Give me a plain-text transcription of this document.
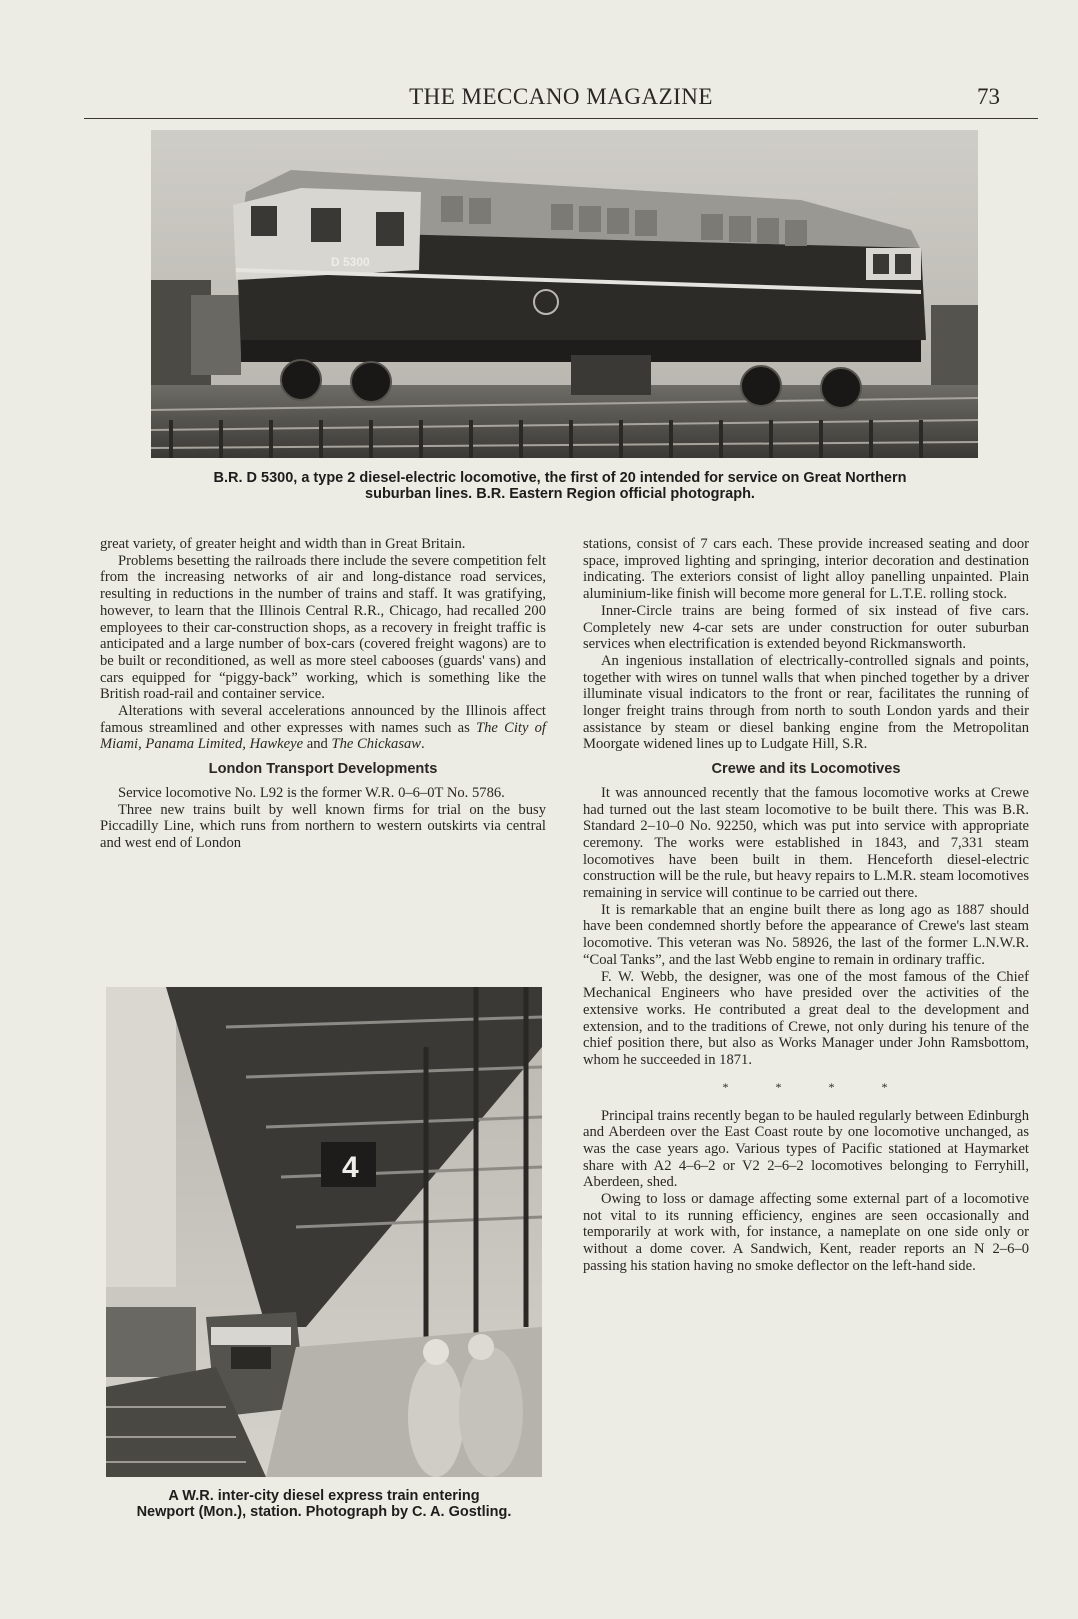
THE MECCANO MAGAZINE	73
D 5300
B.R. D 5300, a type 2 diesel-electric locomotive, the first of 20 intended for service on Great Northern
suburban lines. B.R. Eastern Region official photograph.

great variety, of greater height and width than in Great Britain.

Problems besetting the railroads there include the severe competition felt from the increasing networks of air and long-distance road services, resulting in reductions in the number of trains and staff. It was gratifying, however, to learn that the Illinois Central R.R., Chicago, had recalled 200 employees to their car-construction shops, as a recovery in freight traffic is anticipated and a large number of box-cars (covered freight wagons) are to be built or reconditioned, as well as more steel cabooses (guards' vans) and cars equipped for “piggy-back” working, which is something like the British road-rail and container service.

Alterations with several accelerations announced by the Illinois affect famous streamlined and other expresses with names such as The City of Miami, Panama Limited, Hawkeye and The Chickasaw.

London Transport Developments

Service locomotive No. L92 is the former W.R. 0–6–0T No. 5786.

Three new trains built by well known firms for trial on the busy Piccadilly Line, which runs from northern to western outskirts via central and west end of London

4
A W.R. inter-city diesel express train entering
Newport (Mon.), station. Photograph by C. A. Gostling.

stations, consist of 7 cars each. These provide increased seating and door space, improved lighting and springing, interior decoration and destination indicating. The exteriors consist of light alloy panelling unpainted. Plain aluminium-like finish will become more general for L.T.E. rolling stock.

Inner-Circle trains are being formed of six instead of five cars. Completely new 4-car sets are under construction for outer suburban services when electrification is extended beyond Rickmansworth.

An ingenious installation of electrically-controlled signals and points, together with wires on tunnel walls that when pinched together by a driver illuminate visual indicators to the front or rear, facilitates the running of longer freight trains through from north to south London yards and their assistance by steam or diesel banking engine from the Metropolitan Moorgate widened lines up to Ludgate Hill, S.R.

Crewe and its Locomotives

It was announced recently that the famous locomotive works at Crewe had turned out the last steam locomotive to be built there. This was B.R. Standard 2–10–0 No. 92250, which was put into service with appropriate ceremony. The works were established in 1843, and 7,331 steam locomotives have been built in them. Henceforth diesel-electric construction will be the rule, but heavy repairs to L.M.R. steam locomotives remaining in service will continue to be carried out there.

It is remarkable that an engine built there as long ago as 1887 should have been condemned shortly before the appearance of Crewe's last steam locomotive. This veteran was No. 58926, the last of the former L.N.W.R. “Coal Tanks”, and the last Webb engine to remain in ordinary traffic.

F. W. Webb, the designer, was one of the most famous of the Chief Mechanical Engineers who have presided over the activities of the extensive works. He contributed a great deal to the development and extension, and to the traditions of Crewe, not only during his tenure of the chief position there, but also as Works Manager under John Ramsbottom, whom he succeeded in 1871.

* * * *

Principal trains recently began to be hauled regularly between Edinburgh and Aberdeen over the East Coast route by one locomotive unchanged, as was the case years ago. Various types of Pacific stationed at Haymarket share with A2 4–6–2 or V2 2–6–2 locomotives belonging to Ferryhill, Aberdeen, shed.

Owing to loss or damage affecting some external part of a locomotive not vital to its running efficiency, engines are seen occasionally and temporarily at work with, for instance, a nameplate on one side only or without a dome cover. A Sandwich, Kent, reader reports an N 2–6–0 passing his station having no smoke deflector on the left-hand side.
